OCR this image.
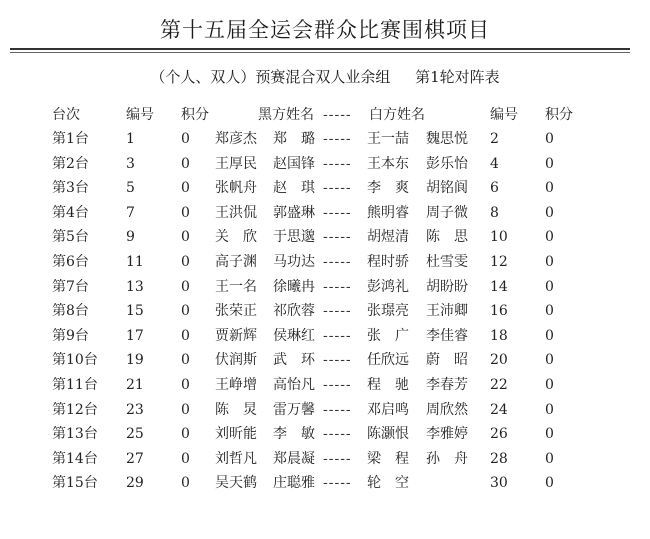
第十五届全运会群众比赛围棋项目
（个人、双人）预赛混合双人业余组 第1轮对阵表
台次	编号 积分	黑方姓名 ----- 白方姓名	编号 积分
第1台	1	0 郑彦杰 郑　璐 ----- 王一喆 魏思悦 2	0
第2台	3	0 王厚民 赵国锋 ----- 王本东 彭乐怡 4	0
第3台	5	0 张帆舟 赵　琪 ----- 李　爽 胡铭阆 6	0
第4台	7	0 王洪侃 郭盛琳 ----- 熊明睿 周子微 8	0
第5台	9	0 关　欣 于思邈 ----- 胡煜清 陈　思 10	0
第6台	11	0 高子渊 马功达 ----- 程时骄 杜雪雯 12	0
第7台	13	0 王一名 徐曦冉 ----- 彭鸿礼 胡盼盼 14	0
第8台	15	0 张荣正 祁欣蓉 ----- 张璟亮 王沛卿 16	0
第9台	17	0 贾新辉 侯琳红 ----- 张　广 李佳睿 18	0
第10台 19	0 伏润斯 武　环 ----- 任欣远 蔚　昭 20	0
第11台 21	0 王峥增 高怡凡 ----- 程　驰 李春芳 22	0
第12台 23	0 陈　炅 雷万馨 ----- 邓启鸣 周欣然 24	0
第13台 25	0 刘昕能 李　敏 ----- 陈灏恨 李雅婷 26	0
第14台 27	0 刘哲凡 郑晨凝 ----- 梁　程 孙　舟 28	0
第15台 29	0 吴天鹤 庄聪雅 ----- 轮　空	30	0
